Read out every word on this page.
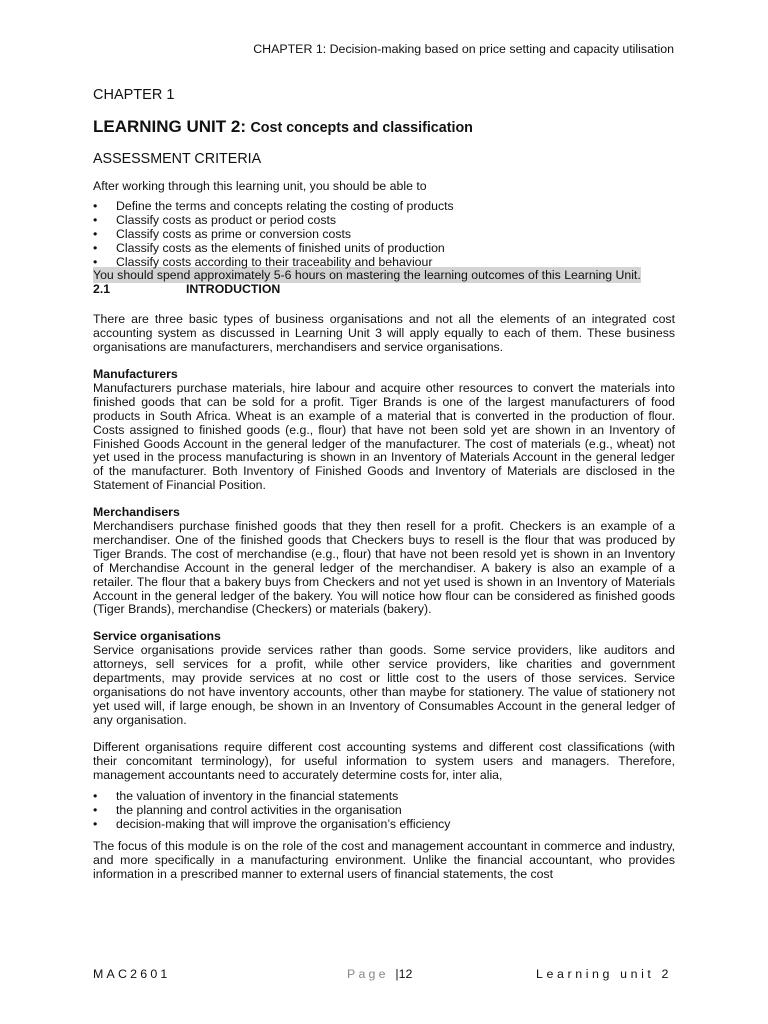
CHAPTER 1: Decision-making based on price setting and capacity utilisation
CHAPTER 1
LEARNING UNIT 2: Cost concepts and classification
ASSESSMENT CRITERIA

After working through this learning unit, you should be able to

• Define the terms and concepts relating the costing of products
• Classify costs as product or period costs
• Classify costs as prime or conversion costs
• Classify costs as the elements of finished units of production
• Classify costs according to their traceability and behaviour

You should spend approximately 5-6 hours on mastering the learning outcomes of this Learning Unit.

2.1	INTRODUCTION

There are three basic types of business organisations and not all the elements of an integrated cost accounting system as discussed in Learning Unit 3 will apply equally to each of them. These business organisations are manufacturers, merchandisers and service organisations.

Manufacturers

Manufacturers purchase materials, hire labour and acquire other resources to convert the materials into finished goods that can be sold for a profit. Tiger Brands is one of the largest manufacturers of food products in South Africa. Wheat is an example of a material that is converted in the production of flour. Costs assigned to finished goods (e.g., flour) that have not been sold yet are shown in an Inventory of Finished Goods Account in the general ledger of the manufacturer. The cost of materials (e.g., wheat) not yet used in the process manufacturing is shown in an Inventory of Materials Account in the general ledger of the manufacturer. Both Inventory of Finished Goods and Inventory of Materials are disclosed in the Statement of Financial Position.

Merchandisers

Merchandisers purchase finished goods that they then resell for a profit. Checkers is an example of a merchandiser. One of the finished goods that Checkers buys to resell is the flour that was produced by Tiger Brands. The cost of merchandise (e.g., flour) that have not been resold yet is shown in an Inventory of Merchandise Account in the general ledger of the merchandiser. A bakery is also an example of a retailer. The flour that a bakery buys from Checkers and not yet used is shown in an Inventory of Materials Account in the general ledger of the bakery. You will notice how flour can be considered as finished goods (Tiger Brands), merchandise (Checkers) or materials (bakery).

Service organisations

Service organisations provide services rather than goods. Some service providers, like auditors and attorneys, sell services for a profit, while other service providers, like charities and government departments, may provide services at no cost or little cost to the users of those services. Service organisations do not have inventory accounts, other than maybe for stationery. The value of stationery not yet used will, if large enough, be shown in an Inventory of Consumables Account in the general ledger of any organisation.

Different organisations require different cost accounting systems and different cost classifications (with their concomitant terminology), for useful information to system users and managers. Therefore, management accountants need to accurately determine costs for, inter alia,

• the valuation of inventory in the financial statements
• the planning and control activities in the organisation
• decision-making that will improve the organisation’s efficiency

The focus of this module is on the role of the cost and management accountant in commerce and industry, and more specifically in a manufacturing environment. Unlike the financial accountant, who provides information in a prescribed manner to external users of financial statements, the cost

MAC2601	Page |12	Learning unit 2
